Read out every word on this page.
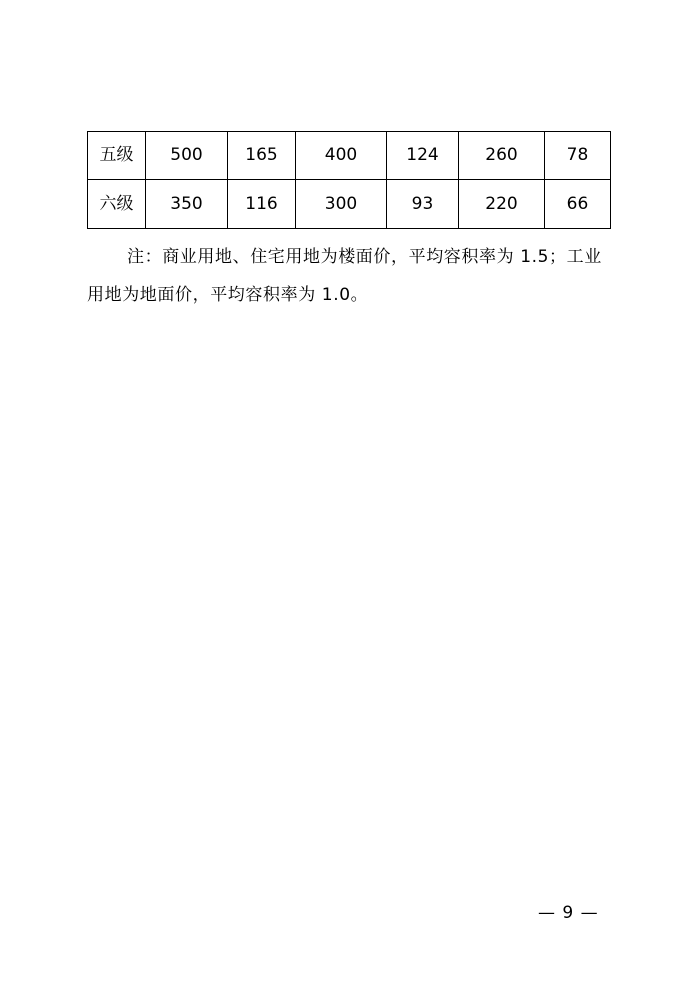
五级	500	165	400	124	260	78
六级	350	116	300	93	220	66

注：商业用地、住宅用地为楼面价，平均容积率为 1.5；工业用地为地面价，平均容积率为 1.0。

— 9 —
